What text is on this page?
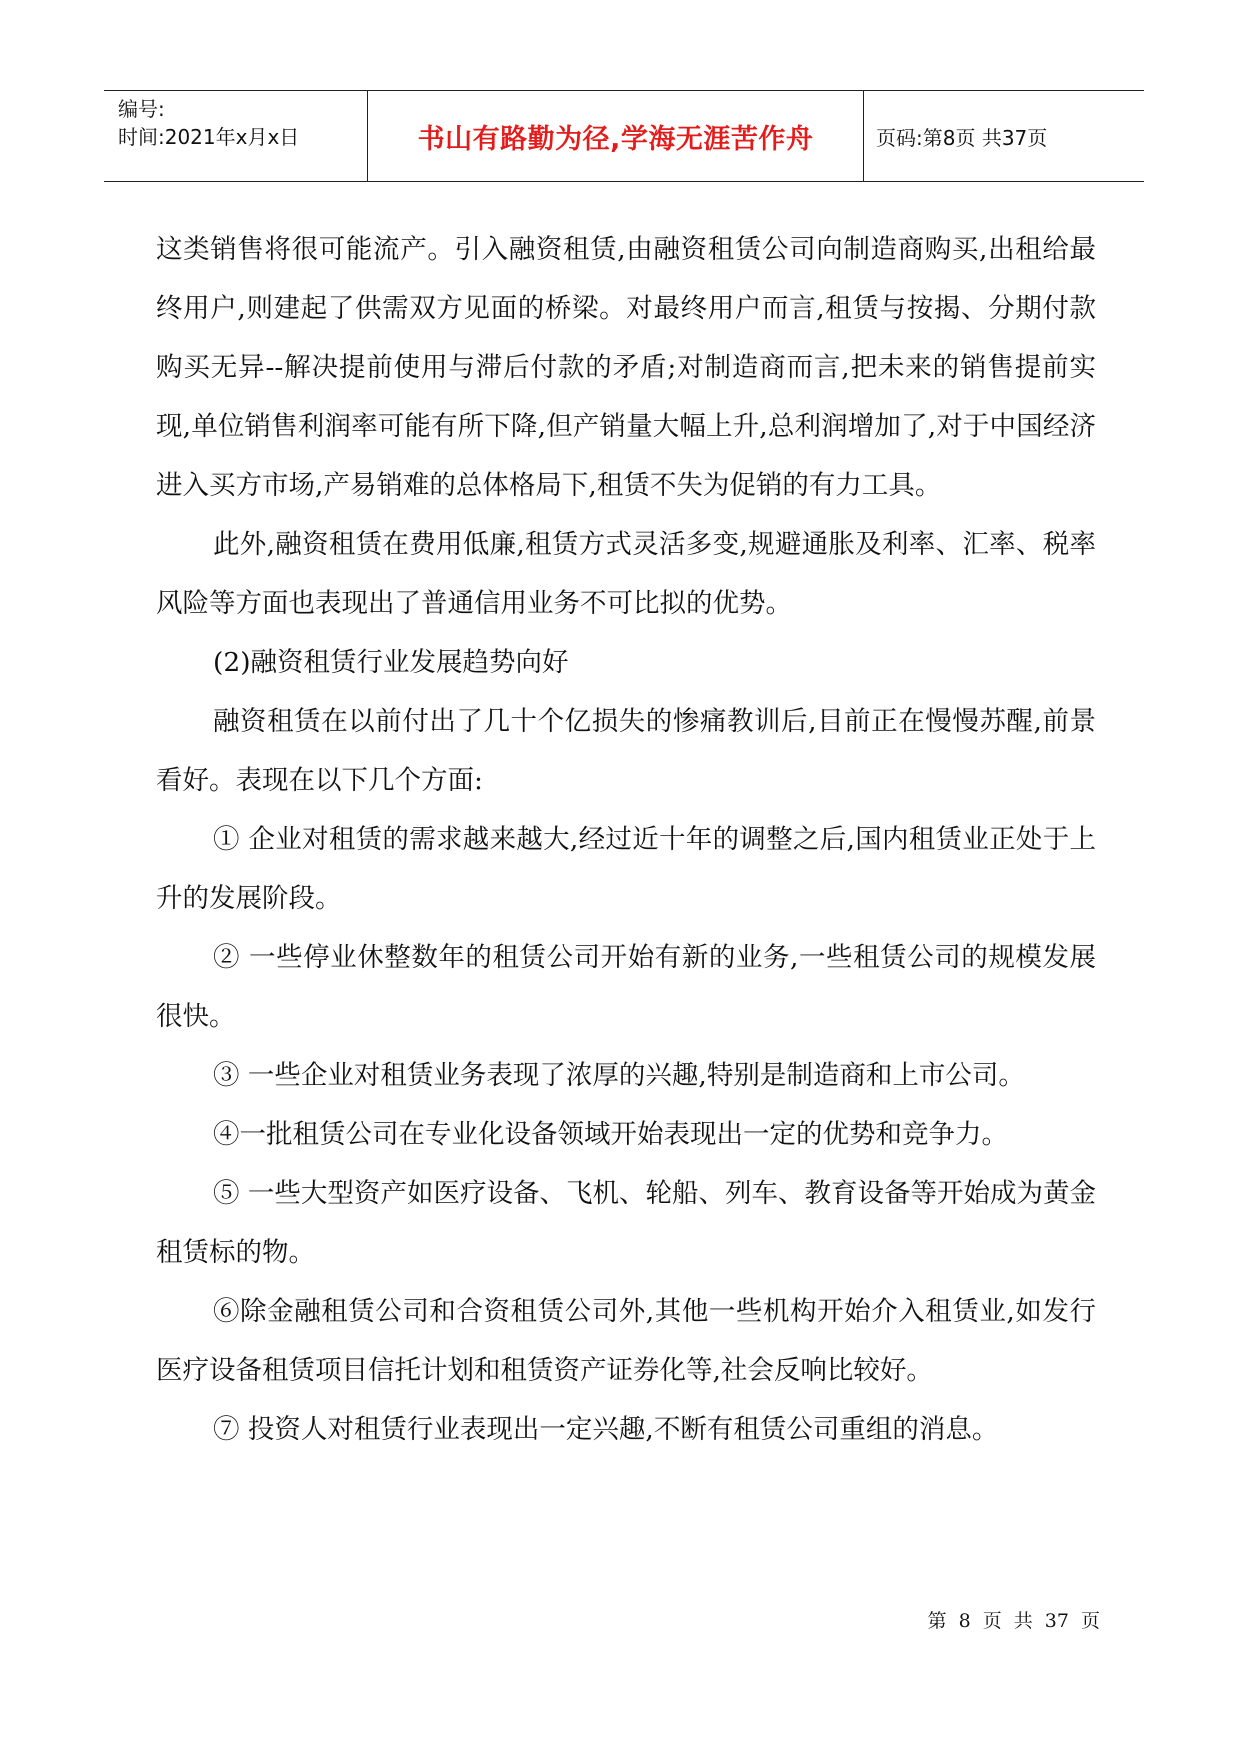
编号:
时间:2021年x月x日	书山有路勤为径,学海无涯苦作舟	页码:第8页 共37页

这类销售将很可能流产。引入融资租赁,由融资租赁公司向制造商购买,出租给最终用户,则建起了供需双方见面的桥梁。对最终用户而言,租赁与按揭、分期付款购买无异--解决提前使用与滞后付款的矛盾;对制造商而言,把未来的销售提前实现,单位销售利润率可能有所下降,但产销量大幅上升,总利润增加了,对于中国经济进入买方市场,产易销难的总体格局下,租赁不失为促销的有力工具。

此外,融资租赁在费用低廉,租赁方式灵活多变,规避通胀及利率、汇率、税率风险等方面也表现出了普通信用业务不可比拟的优势。

(2)融资租赁行业发展趋势向好

融资租赁在以前付出了几十个亿损失的惨痛教训后,目前正在慢慢苏醒,前景看好。表现在以下几个方面:

① 企业对租赁的需求越来越大,经过近十年的调整之后,国内租赁业正处于上升的发展阶段。

② 一些停业休整数年的租赁公司开始有新的业务,一些租赁公司的规模发展很快。

③ 一些企业对租赁业务表现了浓厚的兴趣,特别是制造商和上市公司。

④一批租赁公司在专业化设备领域开始表现出一定的优势和竞争力。

⑤ 一些大型资产如医疗设备、飞机、轮船、列车、教育设备等开始成为黄金租赁标的物。

⑥除金融租赁公司和合资租赁公司外,其他一些机构开始介入租赁业,如发行医疗设备租赁项目信托计划和租赁资产证券化等,社会反响比较好。

⑦ 投资人对租赁行业表现出一定兴趣,不断有租赁公司重组的消息。

第 8 页 共 37 页
